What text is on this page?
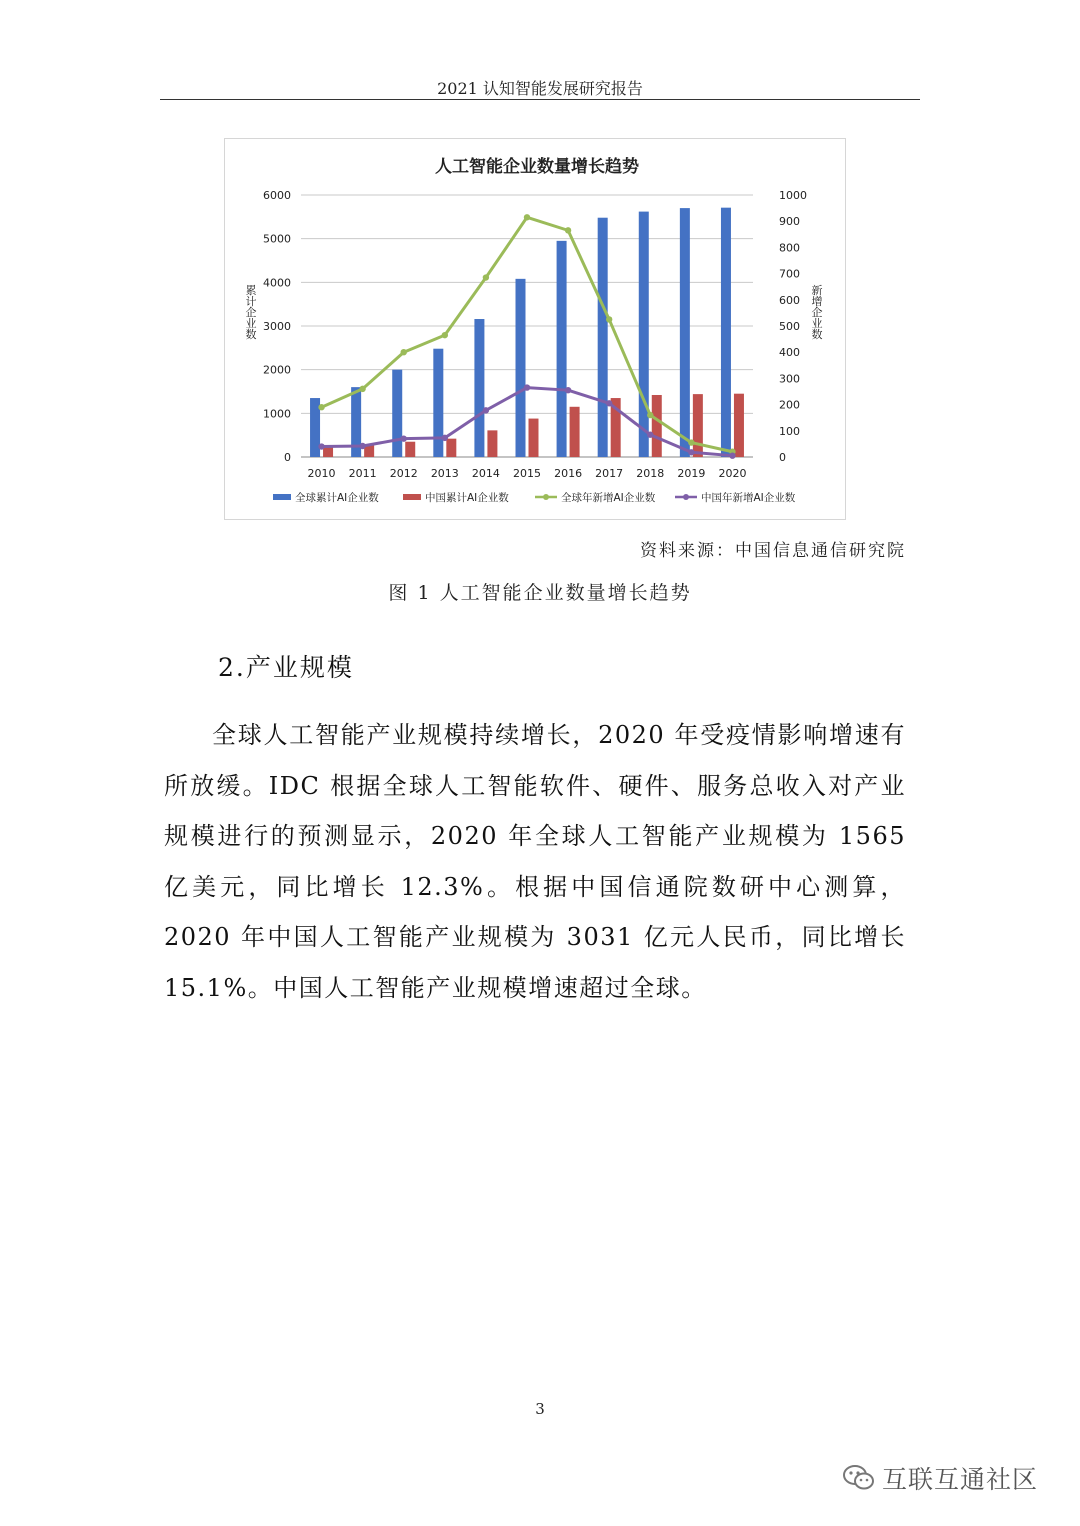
2021 认知智能发展研究报告
人工智能企业数量增长趋势
0
1000
2000
3000
4000
5000
6000
0
100
200
300
400
500
600
700
800
900
1000
累计企业数
新增企业数
2010 2011 2012 2013 2014 2015 2016 2017 2018 2019 2020
全球累计AI企业数	中国累计AI企业数	全球年新增AI企业数	中国年新增AI企业数
资料来源：中国信息通信研究院
图 1 人工智能企业数量增长趋势
2.产业规模
全球人工智能产业规模持续增长，2020 年受疫情影响增速有所放缓。IDC 根据全球人工智能软件、硬件、服务总收入对产业规模进行的预测显示，2020 年全球人工智能产业规模为 1565 亿美元，同比增长 12.3%。根据中国信通院数研中心测算，2020 年中国人工智能产业规模为 3031 亿元人民币，同比增长 15.1%。中国人工智能产业规模增速超过全球。
3
互联互通社区
